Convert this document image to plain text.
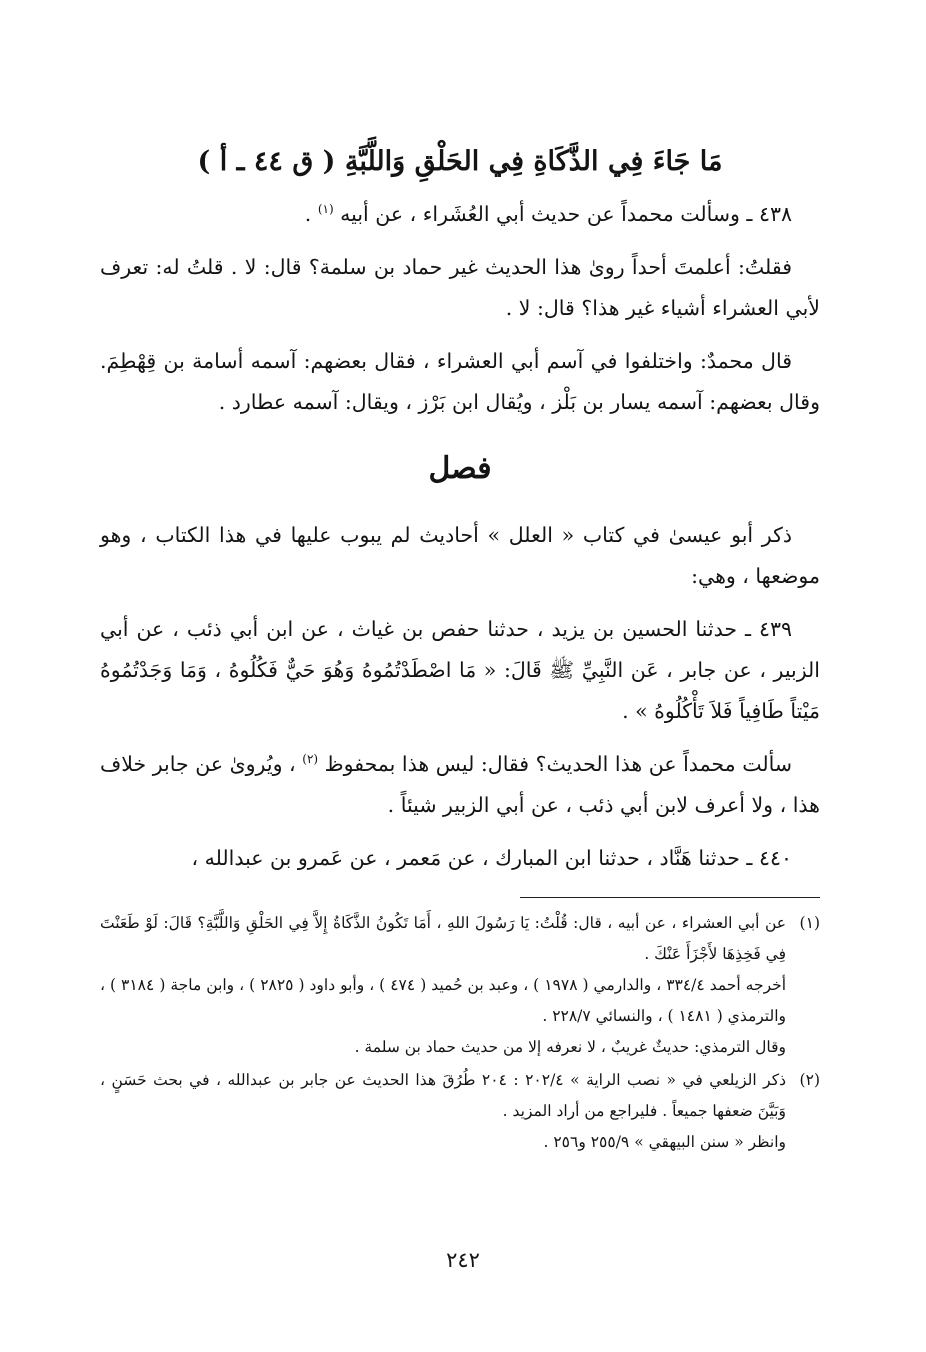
مَا جَاءَ فِي الذَّكَاةِ فِي الحَلْقِ وَاللَّبَّةِ ( ق ٤٤ ـ أ )

٤٣٨ ـ وسألت محمداً عن حديث أبي العُشَراء ، عن أبيه $^{(١)}$ .

فقلتُ: أعلمتَ أحداً روىٰ هذا الحديث غير حماد بن سلمة؟ قال: لا . قلتُ له: تعرف لأبي العشراء أشياء غير هذا؟ قال: لا .

قال محمدٌ: واختلفوا في آسم أبي العشراء ، فقال بعضهم: آسمه أسامة بن قِهْطِمَ. وقال بعضهم: آسمه يسار بن بَلْز ، ويُقال ابن بَرْز ، ويقال: آسمه عطارد .

فصل

ذكر أبو عيسىٰ في كتاب « العلل » أحاديث لم يبوب عليها في هذا الكتاب ، وهو موضعها ، وهي:

٤٣٩ ـ حدثنا الحسين بن يزيد ، حدثنا حفص بن غياث ، عن ابن أبي ذئب ، عن أبي الزبير ، عن جابر ، عَن النَّبِيِّ ﷺ قَالَ: « مَا اصْطَدْتُمُوهُ وَهُوَ حَيٌّ فَكُلُوهُ ، وَمَا وَجَدْتُمُوهُ مَيْتاً طَافِياً فَلاَ تَأْكُلُوهُ » .

سألت محمداً عن هذا الحديث؟ فقال: ليس هذا بمحفوظ $^{(٢)}$ ، ويُروىٰ عن جابر خلاف هذا ، ولا أعرف لابن أبي ذئب ، عن أبي الزبير شيئاً .

٤٤٠ ـ حدثنا هَنَّاد ، حدثنا ابن المبارك ، عن مَعمر ، عن عَمرو بن عبدالله ،

(١)
عن أبي العشراء ، عن أبيه ، قال: قُلْتُ: يَا رَسُولَ اللهِ ، أَمَا تَكُونُ الذَّكَاةُ إِلاَّ فِي الحَلْقِ وَاللَّبَّةِ؟ قَالَ: لَوْ طَعَنْتَ فِي فَخِذِهَا لأَجْزَأَ عَنْكَ .
أخرجه أحمد ٣٣٤/٤ ، والدارمي ( ١٩٧٨ ) ، وعبد بن حُميد ( ٤٧٤ ) ، وأبو داود ( ٢٨٢٥ ) ، وابن ماجة ( ٣١٨٤ ) ، والترمذي ( ١٤٨١ ) ، والنسائي ٢٢٨/٧ .
وقال الترمذي: حديثٌ غريبٌ ، لا نعرفه إلا من حديث حماد بن سلمة .
(٢)
ذكر الزيلعي في « نصب الراية » ٢٠٢/٤ : ٢٠٤ طُرُقَ هذا الحديث عن جابر بن عبدالله ، في بحث حَسَنٍ ، وَبَيَّنَ ضعفها جميعاً . فليراجع من أراد المزيد .
وانظر « سنن البيهقي » ٢٥٥/٩ و٢٥٦ .
٢٤٢
